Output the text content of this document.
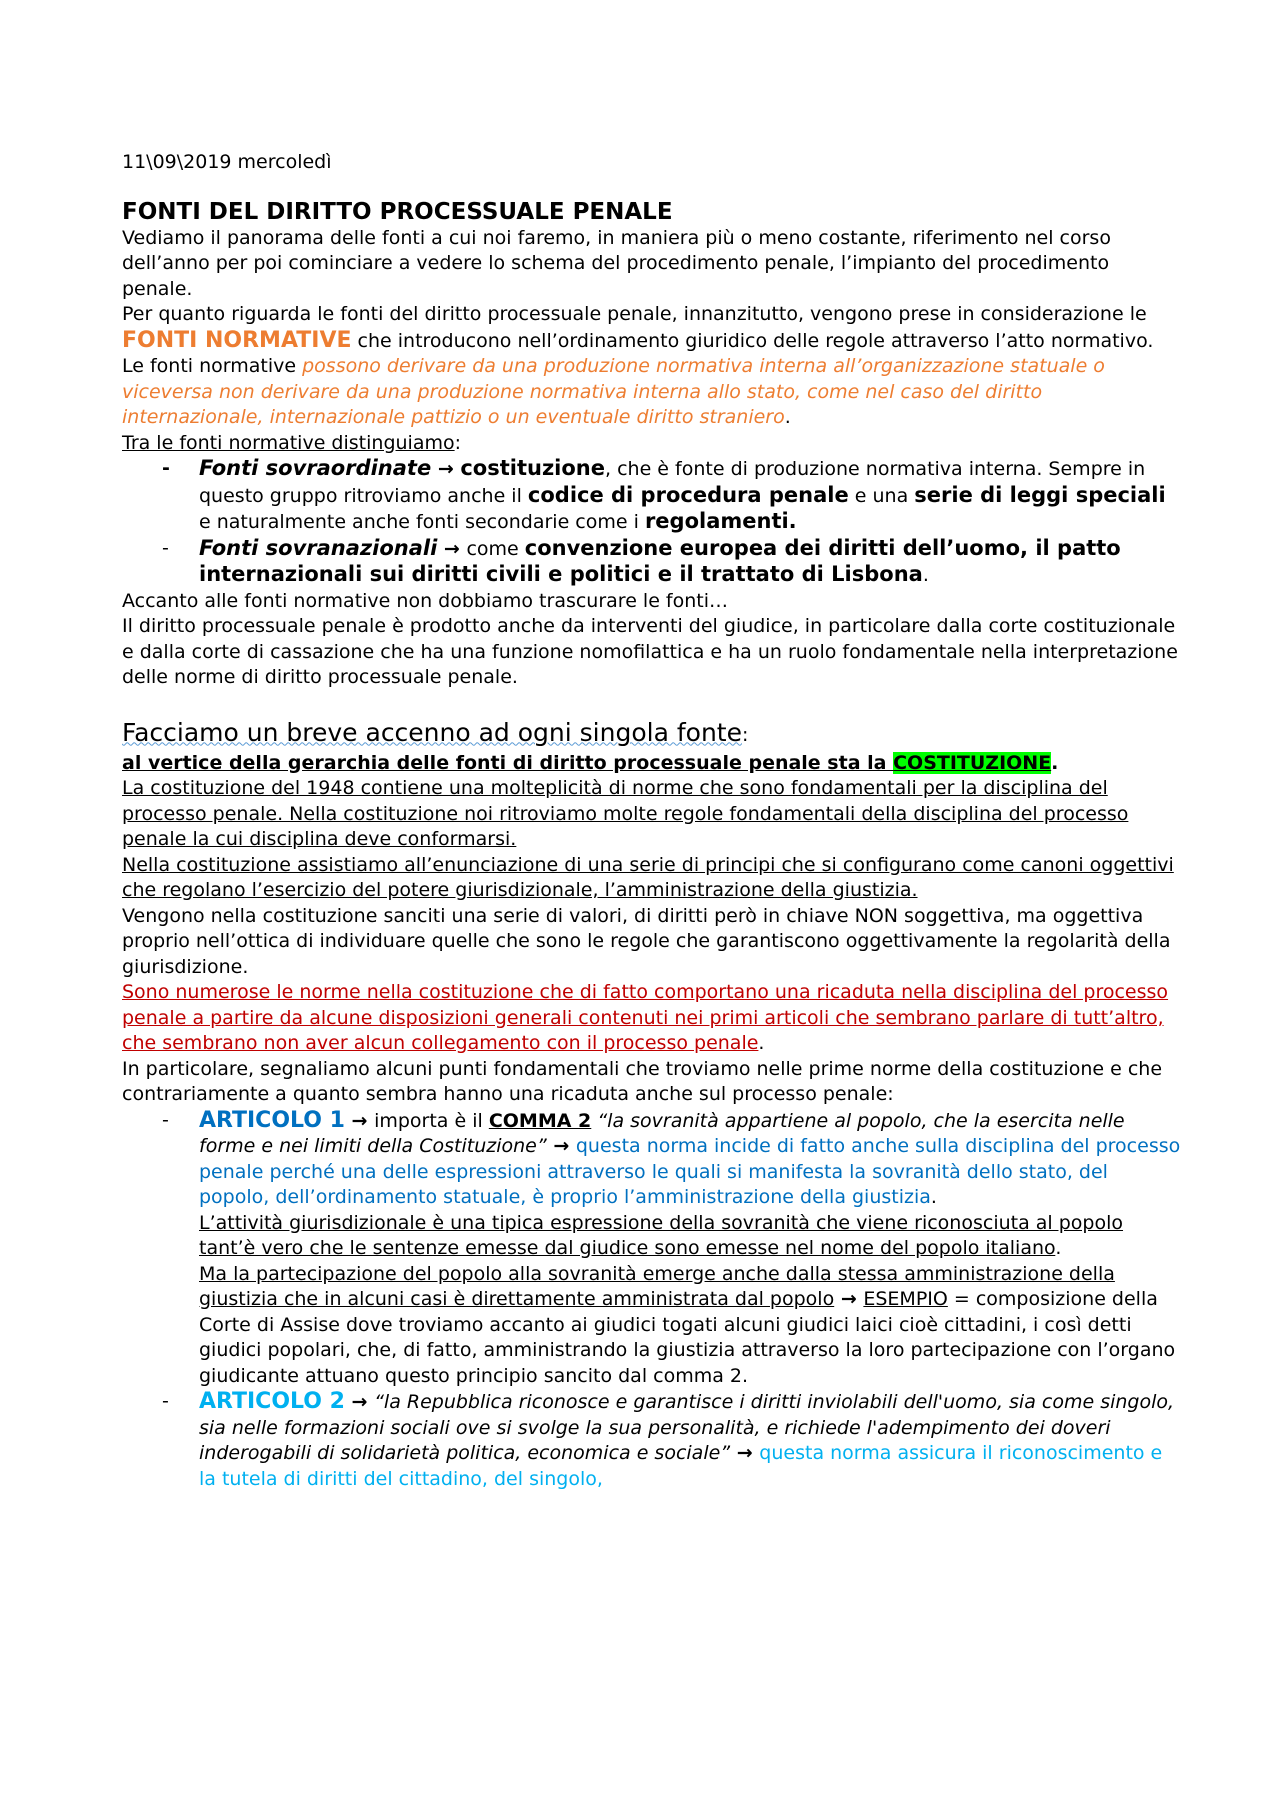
11\09\2019 mercoledì

FONTI DEL DIRITTO PROCESSUALE PENALE

Vediamo il panorama delle fonti a cui noi faremo, in maniera più o meno costante, riferimento nel corso dell’anno per poi cominciare a vedere lo schema del procedimento penale, l’impianto del procedimento penale.

Per quanto riguarda le fonti del diritto processuale penale, innanzitutto, vengono prese in considerazione le FONTI NORMATIVE che introducono nell’ordinamento giuridico delle regole attraverso l’atto normativo.

Le fonti normative possono derivare da una produzione normativa interna all’organizzazione statuale o viceversa non derivare da una produzione normativa interna allo stato, come nel caso del diritto internazionale, internazionale pattizio o un eventuale diritto straniero.

Tra le fonti normative distinguiamo:

- Fonti sovraordinate → costituzione, che è fonte di produzione normativa interna. Sempre in questo gruppo ritroviamo anche il codice di procedura penale e una serie di leggi speciali e naturalmente anche fonti secondarie come i regolamenti.
- Fonti sovranazionali → come convenzione europea dei diritti dell’uomo, il patto internazionali sui diritti civili e politici e il trattato di Lisbona.

Accanto alle fonti normative non dobbiamo trascurare le fonti…

Il diritto processuale penale è prodotto anche da interventi del giudice, in particolare dalla corte costituzionale e dalla corte di cassazione che ha una funzione nomofilattica e ha un ruolo fondamentale nella interpretazione delle norme di diritto processuale penale.

Facciamo un breve accenno ad ogni singola fonte:

al vertice della gerarchia delle fonti di diritto processuale penale sta la COSTITUZIONE.

La costituzione del 1948 contiene una molteplicità di norme che sono fondamentali per la disciplina del processo penale. Nella costituzione noi ritroviamo molte regole fondamentali della disciplina del processo penale la cui disciplina deve conformarsi.

Nella costituzione assistiamo all’enunciazione di una serie di principi che si configurano come canoni oggettivi che regolano l’esercizio del potere giurisdizionale, l’amministrazione della giustizia.

Vengono nella costituzione sanciti una serie di valori, di diritti però in chiave NON soggettiva, ma oggettiva proprio nell’ottica di individuare quelle che sono le regole che garantiscono oggettivamente la regolarità della giurisdizione.

Sono numerose le norme nella costituzione che di fatto comportano una ricaduta nella disciplina del processo penale a partire da alcune disposizioni generali contenuti nei primi articoli che sembrano parlare di tutt’altro, che sembrano non aver alcun collegamento con il processo penale.

In particolare, segnaliamo alcuni punti fondamentali che troviamo nelle prime norme della costituzione e che contrariamente a quanto sembra hanno una ricaduta anche sul processo penale:

- ARTICOLO 1 → importa è il COMMA 2 “la sovranità appartiene al popolo, che la esercita nelle forme e nei limiti della Costituzione” → questa norma incide di fatto anche sulla disciplina del processo penale perché una delle espressioni attraverso le quali si manifesta la sovranità dello stato, del popolo, dell’ordinamento statuale, è proprio l’amministrazione della giustizia.
L’attività giurisdizionale è una tipica espressione della sovranità che viene riconosciuta al popolo tant’è vero che le sentenze emesse dal giudice sono emesse nel nome del popolo italiano.
Ma la partecipazione del popolo alla sovranità emerge anche dalla stessa amministrazione della giustizia che in alcuni casi è direttamente amministrata dal popolo → ESEMPIO = composizione della Corte di Assise dove troviamo accanto ai giudici togati alcuni giudici laici cioè cittadini, i così detti giudici popolari, che, di fatto, amministrando la giustizia attraverso la loro partecipazione con l’organo giudicante attuano questo principio sancito dal comma 2.
- ARTICOLO 2 → “la Repubblica riconosce e garantisce i diritti inviolabili dell'uomo, sia come singolo, sia nelle formazioni sociali ove si svolge la sua personalità, e richiede l'adempimento dei doveri inderogabili di solidarietà politica, economica e sociale” → questa norma assicura il riconoscimento e la tutela di diritti del cittadino, del singolo,
